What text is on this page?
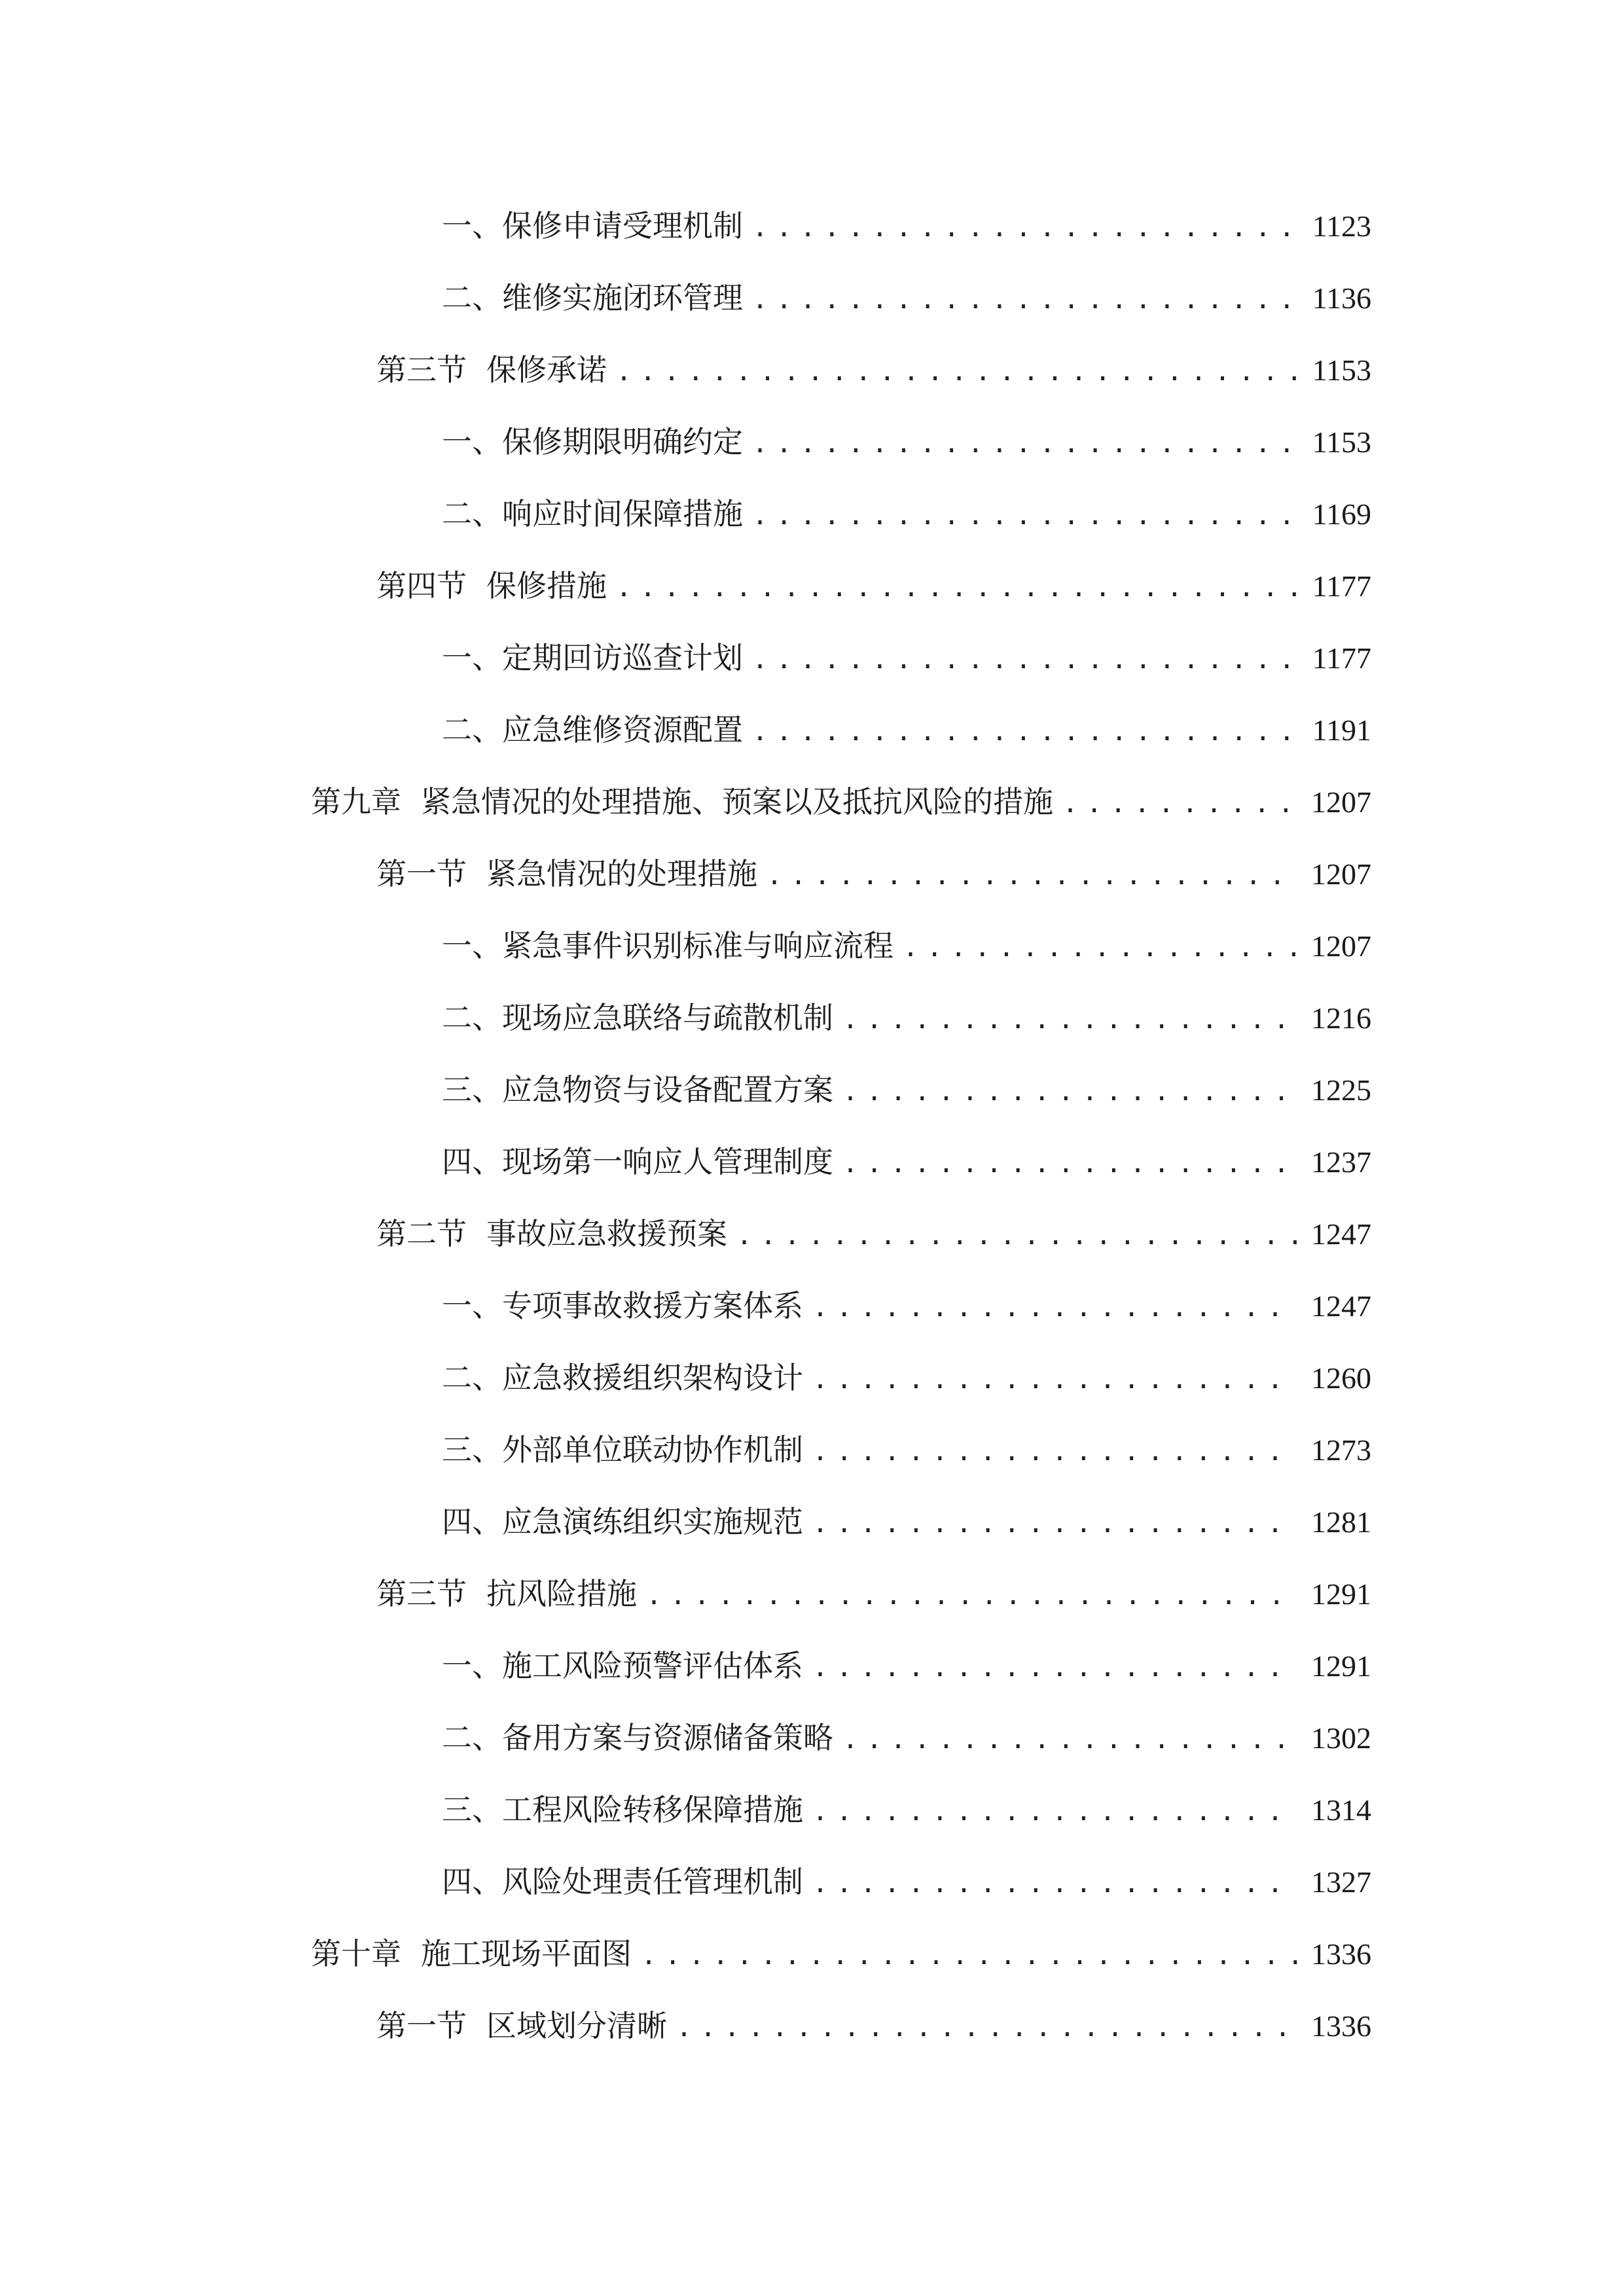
一、 保修申请受理机制 .....	1123
二、 维修实施闭环管理 .....	1136
第三节 保修承诺 .....	1153
一、 保修期限明确约定 .....	1153
二、 响应时间保障措施 .....	1169
第四节 保修措施 .....	1177
一、 定期回访巡查计划 .....	1177
二、 应急维修资源配置 .....	1191
第九章 紧急情况的处理措施、预案以及抵抗风险的措施 .....	1207
第一节 紧急情况的处理措施 .....	1207
一、 紧急事件识别标准与响应流程 .....	1207
二、 现场应急联络与疏散机制 .....	1216
三、 应急物资与设备配置方案 .....	1225
四、 现场第一响应人管理制度 .....	1237
第二节 事故应急救援预案 .....	1247
一、 专项事故救援方案体系 .....	1247
二、 应急救援组织架构设计 .....	1260
三、 外部单位联动协作机制 .....	1273
四、 应急演练组织实施规范 .....	1281
第三节 抗风险措施 .....	1291
一、 施工风险预警评估体系 .....	1291
二、 备用方案与资源储备策略 .....	1302
三、 工程风险转移保障措施 .....	1314
四、 风险处理责任管理机制 .....	1327
第十章 施工现场平面图 .....	1336
第一节 区域划分清晰 .....	1336
